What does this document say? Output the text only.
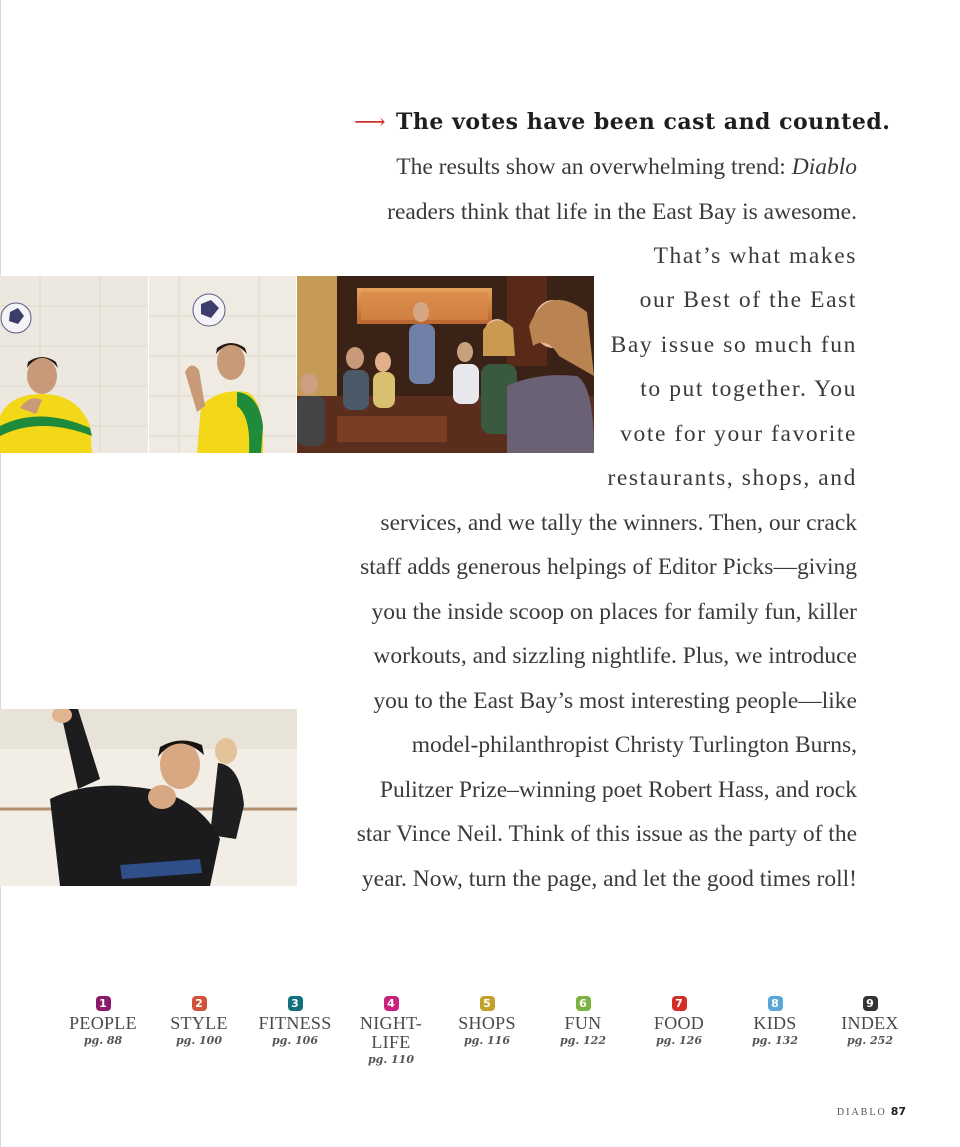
⟶ The votes have been cast and counted.
The results show an overwhelming trend: Diablo
readers think that life in the East Bay is awesome.
That’s what makes
our Best of the East
Bay issue so much fun
to put together. You
vote for your favorite
restaurants, shops, and
services, and we tally the winners. Then, our crack
staff adds generous helpings of Editor Picks—giving
you the inside scoop on places for family fun, killer
workouts, and sizzling nightlife. Plus, we introduce
you to the East Bay’s most interesting people—like
model-philanthropist Christy Turlington Burns,
Pulitzer Prize–winning poet Robert Hass, and rock
star Vince Neil. Think of this issue as the party of the
year. Now, turn the page, and let the good times roll!
1
PEOPLE
pg. 88
2
STYLE
pg. 100
3
FITNESS
pg. 106
4
NIGHT-
LIFE
pg. 110
5
SHOPS
pg. 116
6
FUN
pg. 122
7
FOOD
pg. 126
8
KIDS
pg. 132
9
INDEX
pg. 252
DIABLO 87
